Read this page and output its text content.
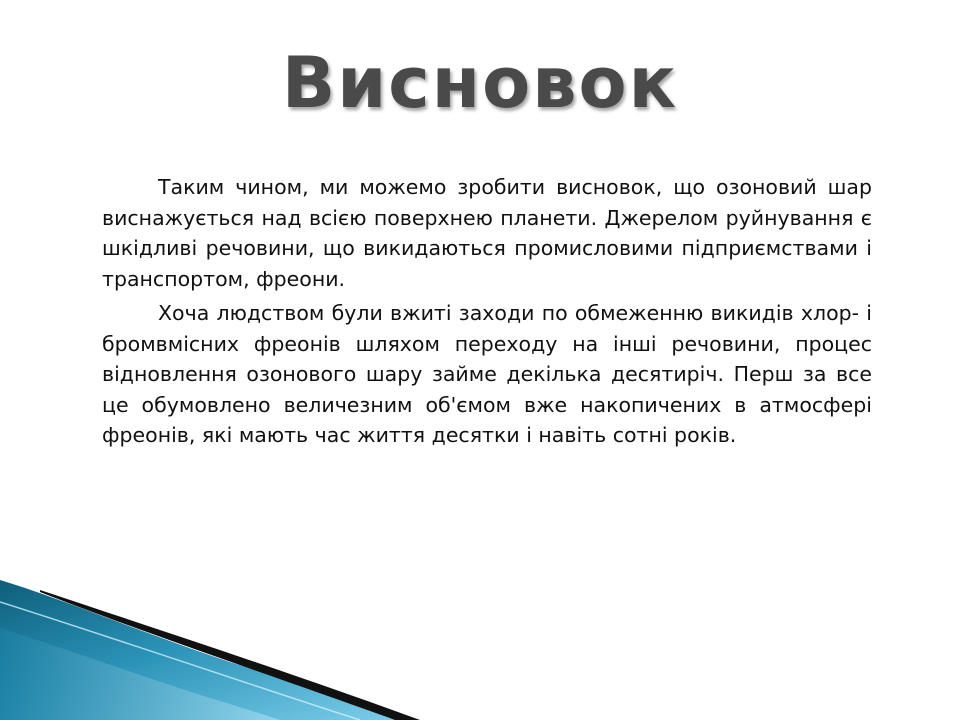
Висновок

Таким чином, ми можемо зробити висновок, що озоновий шар виснажується над всією поверхнею планети. Джерелом руйнування є шкідливі речовини, що викидаються промисловими підприємствами і транспортом, фреони.

Хоча людством були вжиті заходи по обмеженню викидів хлор- і бромвмісних фреонів шляхом переходу на інші речовини, процес відновлення озонового шару займе декілька десятиріч. Перш за все це обумовлено величезним об'ємом вже накопичених в атмосфері фреонів, які мають час життя десятки і навіть сотні років.
